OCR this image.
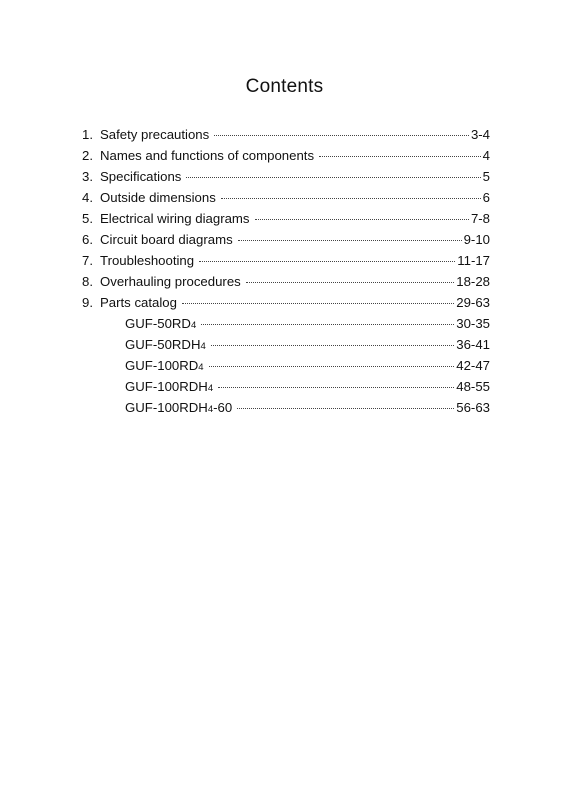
Contents
1. Safety precautions	3-4
2. Names and functions of components	4
3. Specifications	5
4. Outside dimensions	6
5. Electrical wiring diagrams	7-8
6. Circuit board diagrams	9-10
7. Troubleshooting	11-17
8. Overhauling procedures	18-28
9. Parts catalog	29-63
GUF-50RD4	30-35
GUF-50RDH4	36-41
GUF-100RD4	42-47
GUF-100RDH4	48-55
GUF-100RDH4-60	56-63
